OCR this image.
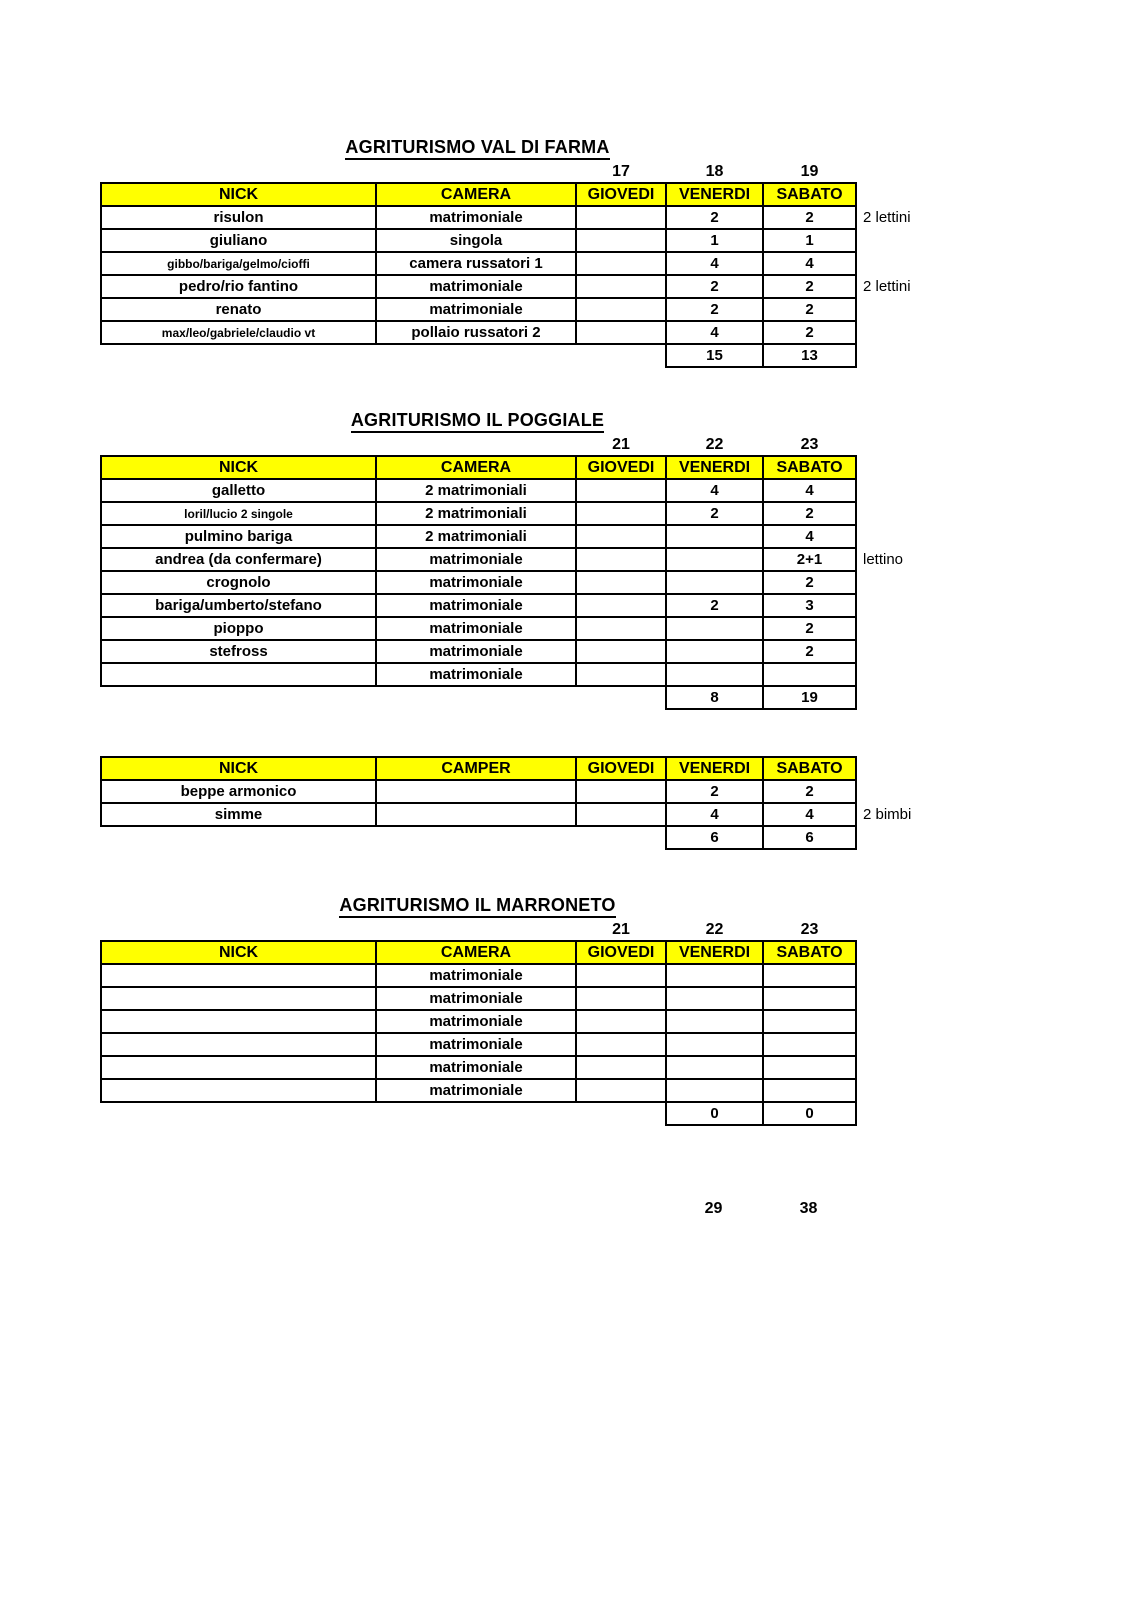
AGRITURISMO VAL DI FARMA
		17	18	19	
NICK	CAMERA	GIOVEDI	VENERDI	SABATO	
risulon	matrimoniale		2	2	2 lettini
giuliano	singola		1	1	
gibbo/bariga/gelmo/cioffi	camera russatori 1		4	4	
pedro/rio fantino	matrimoniale		2	2	2 lettini
renato	matrimoniale		2	2	
max/leo/gabriele/claudio vt	pollaio russatori 2		4	2	
			15	13	
AGRITURISMO IL POGGIALE
		21	22	23	
NICK	CAMERA	GIOVEDI	VENERDI	SABATO	
galletto	2 matrimoniali		4	4	
loril/lucio 2 singole	2 matrimoniali		2	2	
pulmino bariga	2 matrimoniali			4	
andrea (da confermare)	matrimoniale			2+1	lettino
crognolo	matrimoniale			2	
bariga/umberto/stefano	matrimoniale		2	3	
pioppo	matrimoniale			2	
stefross	matrimoniale			2	
	matrimoniale				
			8	19	
NICK	CAMPER	GIOVEDI	VENERDI	SABATO	
beppe armonico			2	2	
simme			4	4	2 bimbi
			6	6	
AGRITURISMO IL MARRONETO
		21	22	23	
NICK	CAMERA	GIOVEDI	VENERDI	SABATO	
	matrimoniale				
	matrimoniale				
	matrimoniale				
	matrimoniale				
	matrimoniale				
	matrimoniale				
			0	0	
			29	38	
